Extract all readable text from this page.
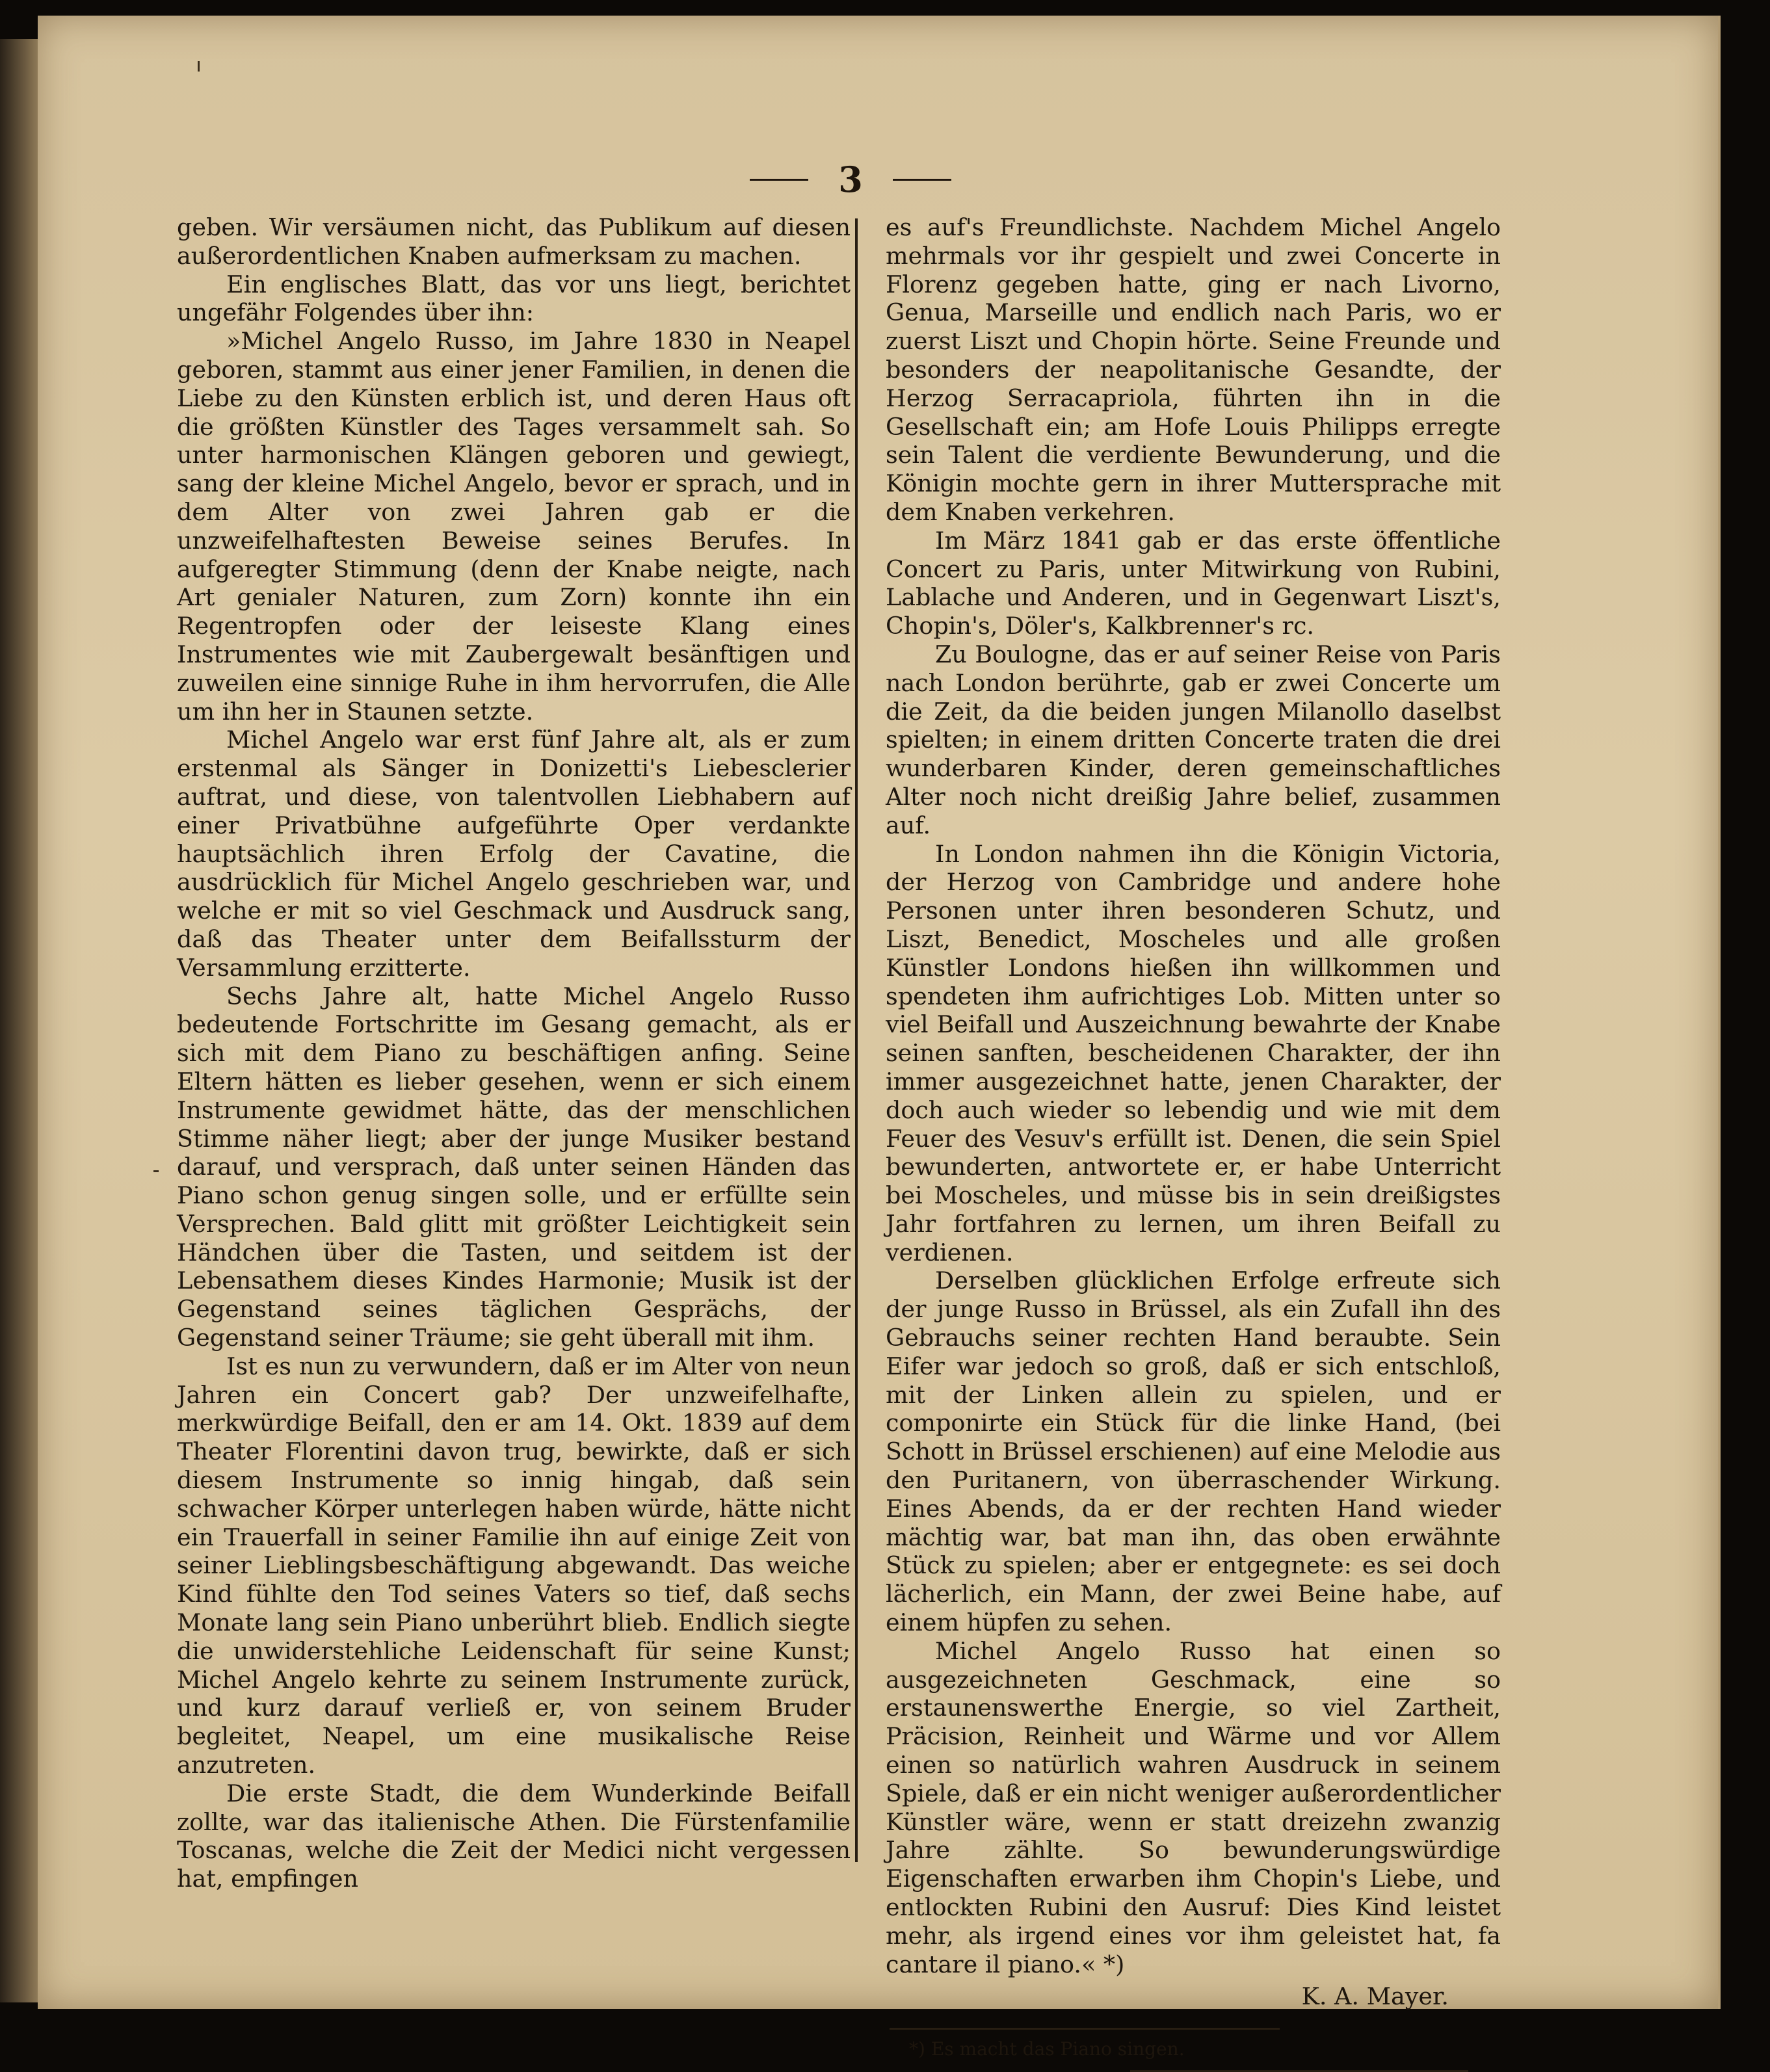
3

geben. Wir versäumen nicht, das Publikum auf diesen außerordentlichen Knaben aufmerksam zu machen.

Ein englisches Blatt, das vor uns liegt, berichtet ungefähr Folgendes über ihn:

»Michel Angelo Russo, im Jahre 1830 in Neapel geboren, stammt aus einer jener Familien, in denen die Liebe zu den Künsten erblich ist, und deren Haus oft die größten Künstler des Tages versammelt sah. So unter harmonischen Klängen geboren und gewiegt, sang der kleine Michel Angelo, bevor er sprach, und in dem Alter von zwei Jahren gab er die unzweifelhaftesten Beweise seines Berufes. In aufgeregter Stimmung (denn der Knabe neigte, nach Art genialer Naturen, zum Zorn) konnte ihn ein Regentropfen oder der leiseste Klang eines Instrumentes wie mit Zaubergewalt besänftigen und zuweilen eine sinnige Ruhe in ihm hervorrufen, die Alle um ihn her in Staunen setzte.

Michel Angelo war erst fünf Jahre alt, als er zum erstenmal als Sänger in Donizetti's Liebesclerier auftrat, und diese, von talentvollen Liebhabern auf einer Privatbühne aufgeführte Oper verdankte hauptsächlich ihren Erfolg der Cavatine, die ausdrücklich für Michel Angelo geschrieben war, und welche er mit so viel Geschmack und Ausdruck sang, daß das Theater unter dem Beifallssturm der Versammlung erzitterte.

Sechs Jahre alt, hatte Michel Angelo Russo bedeutende Fortschritte im Gesang gemacht, als er sich mit dem Piano zu beschäftigen anfing. Seine Eltern hätten es lieber gesehen, wenn er sich einem Instrumente gewidmet hätte, das der menschlichen Stimme näher liegt; aber der junge Musiker bestand darauf, und versprach, daß unter seinen Händen das Piano schon genug singen solle, und er erfüllte sein Versprechen. Bald glitt mit größter Leichtigkeit sein Händchen über die Tasten, und seitdem ist der Lebensathem dieses Kindes Harmonie; Musik ist der Gegenstand seines täglichen Gesprächs, der Gegenstand seiner Träume; sie geht überall mit ihm.

Ist es nun zu verwundern, daß er im Alter von neun Jahren ein Concert gab? Der unzweifelhafte, merkwürdige Beifall, den er am 14. Okt. 1839 auf dem Theater Florentini davon trug, bewirkte, daß er sich diesem Instrumente so innig hingab, daß sein schwacher Körper unterlegen haben würde, hätte nicht ein Trauerfall in seiner Familie ihn auf einige Zeit von seiner Lieblingsbeschäftigung abgewandt. Das weiche Kind fühlte den Tod seines Vaters so tief, daß sechs Monate lang sein Piano unberührt blieb. Endlich siegte die unwiderstehliche Leidenschaft für seine Kunst; Michel Angelo kehrte zu seinem Instrumente zurück, und kurz darauf verließ er, von seinem Bruder begleitet, Neapel, um eine musikalische Reise anzutreten.

Die erste Stadt, die dem Wunderkinde Beifall zollte, war das italienische Athen. Die Fürstenfamilie Toscanas, welche die Zeit der Medici nicht vergessen hat, empfingen

es auf's Freundlichste. Nachdem Michel Angelo mehrmals vor ihr gespielt und zwei Concerte in Florenz gegeben hatte, ging er nach Livorno, Genua, Marseille und endlich nach Paris, wo er zuerst Liszt und Chopin hörte. Seine Freunde und besonders der neapolitanische Gesandte, der Herzog Serracapriola, führten ihn in die Gesellschaft ein; am Hofe Louis Philipps erregte sein Talent die verdiente Bewunderung, und die Königin mochte gern in ihrer Muttersprache mit dem Knaben verkehren.

Im März 1841 gab er das erste öffentliche Concert zu Paris, unter Mitwirkung von Rubini, Lablache und Anderen, und in Gegenwart Liszt's, Chopin's, Döler's, Kalkbrenner's rc.

Zu Boulogne, das er auf seiner Reise von Paris nach London berührte, gab er zwei Concerte um die Zeit, da die beiden jungen Milanollo daselbst spielten; in einem dritten Concerte traten die drei wunderbaren Kinder, deren gemeinschaftliches Alter noch nicht dreißig Jahre belief, zusammen auf.

In London nahmen ihn die Königin Victoria, der Herzog von Cambridge und andere hohe Personen unter ihren besonderen Schutz, und Liszt, Benedict, Moscheles und alle großen Künstler Londons hießen ihn willkommen und spendeten ihm aufrichtiges Lob. Mitten unter so viel Beifall und Auszeichnung bewahrte der Knabe seinen sanften, bescheidenen Charakter, der ihn immer ausgezeichnet hatte, jenen Charakter, der doch auch wieder so lebendig und wie mit dem Feuer des Vesuv's erfüllt ist. Denen, die sein Spiel bewunderten, antwortete er, er habe Unterricht bei Moscheles, und müsse bis in sein dreißigstes Jahr fortfahren zu lernen, um ihren Beifall zu verdienen.

Derselben glücklichen Erfolge erfreute sich der junge Russo in Brüssel, als ein Zufall ihn des Gebrauchs seiner rechten Hand beraubte. Sein Eifer war jedoch so groß, daß er sich entschloß, mit der Linken allein zu spielen, und er componirte ein Stück für die linke Hand, (bei Schott in Brüssel erschienen) auf eine Melodie aus den Puritanern, von überraschender Wirkung. Eines Abends, da er der rechten Hand wieder mächtig war, bat man ihn, das oben erwähnte Stück zu spielen; aber er entgegnete: es sei doch lächerlich, ein Mann, der zwei Beine habe, auf einem hüpfen zu sehen.

Michel Angelo Russo hat einen so ausgezeichneten Geschmack, eine so erstaunenswerthe Energie, so viel Zartheit, Präcision, Reinheit und Wärme und vor Allem einen so natürlich wahren Ausdruck in seinem Spiele, daß er ein nicht weniger außerordentlicher Künstler wäre, wenn er statt dreizehn zwanzig Jahre zählte. So bewunderungswürdige Eigenschaften erwarben ihm Chopin's Liebe, und entlockten Rubini den Ausruf: Dies Kind leistet mehr, als irgend eines vor ihm geleistet hat, fa cantare il piano.« *)

K. A. Mayer.
*) Es macht das Piano singen.
